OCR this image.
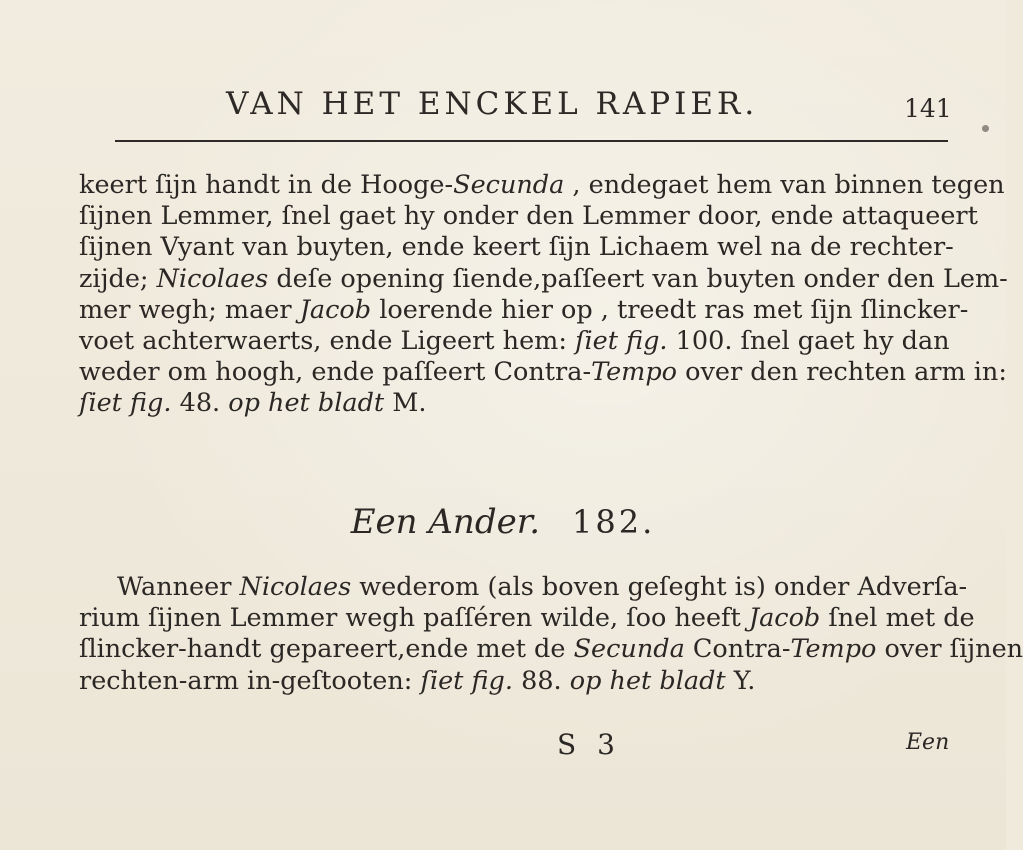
VAN HET ENCKEL RAPIER.	141
keert ſijn handt in de Hooge-Secunda , endegaet hem van binnen tegen
ſijnen Lemmer, ſnel gaet hy onder den Lemmer door, ende attaqueert
ſijnen Vyant van buyten, ende keert ſijn Lichaem wel na de rechter-
zijde; Nicolaes deſe opening ſiende,paſſeert van buyten onder den Lem-
mer wegh; maer Jacob loerende hier op , treedt ras met ſijn ſlincker-
voet achterwaerts, ende Ligeert hem: ſiet fig. 100. ſnel gaet hy dan
weder om hoogh, ende paſſeert Contra-Tempo over den rechten arm in:
ſiet fig. 48. op het bladt M.
Een Ander. 182.
Wanneer Nicolaes wederom (als boven geſeght is) onder Adverſa-
rium ſijnen Lemmer wegh paſſéren wilde, ſoo heeft Jacob ſnel met de
ſlincker-handt gepareert,ende met de Secunda Contra-Tempo over ſijnen
rechten-arm in-geſtooten: ſiet fig. 88. op het bladt Y.
S 3	Een
